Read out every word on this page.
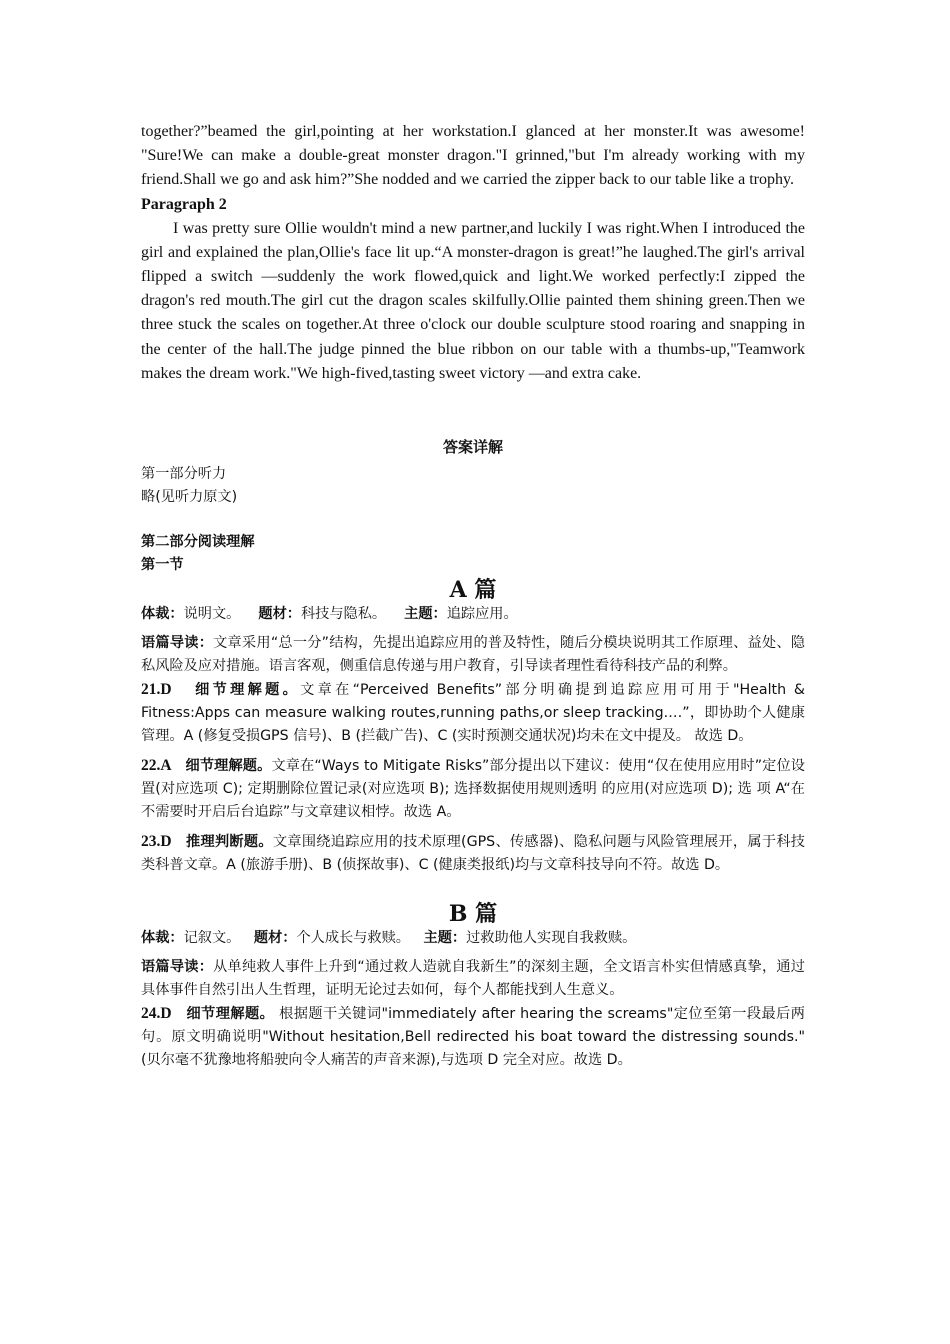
together?”beamed the girl,pointing at her workstation.I glanced at her monster.It was awesome! "Sure!We can make a double-great monster dragon."I grinned,"but I'm already working with my friend.Shall we go and ask him?”She nodded and we carried the zipper back to our table like a trophy.

Paragraph 2

I was pretty sure Ollie wouldn't mind a new partner,and luckily I was right.When I introduced the girl and explained the plan,Ollie's face lit up.“A monster-dragon is great!”he laughed.The girl's arrival flipped a switch —suddenly the work flowed,quick and light.We worked perfectly:I zipped the dragon's red mouth.The girl cut the dragon scales skilfully.Ollie painted them shining green.Then we three stuck the scales on together.At three o'clock our double sculpture stood roaring and snapping in the center of the hall.The judge pinned the blue ribbon on our table with a thumbs-up,"Teamwork makes the dream work."We high-fived,tasting sweet victory —and extra cake.

答案详解

第一部分听力

略(见听力原文)

第二部分阅读理解

第一节

A 篇

体裁：说明文。 题材：科技与隐私。 主题：追踪应用。

语篇导读：文章采用“总一分”结构，先提出追踪应用的普及特性，随后分模块说明其工作原理、益处、隐私风险及应对措施。语言客观，侧重信息传递与用户教育，引导读者理性看待科技产品的利弊。

21.D 细节理解题。文章在“Perceived Benefits”部分明确提到追踪应用可用于"Health & Fitness:Apps can measure walking routes,running paths,or sleep tracking.…”，即协助个人健康 管理。A (修复受损GPS 信号)、B (拦截广告)、C (实时预测交通状况)均未在文中提及。 故选 D。

22.A 细节理解题。文章在“Ways to Mitigate Risks”部分提出以下建议：使用“仅在使用应用时”定位设置(对应选项 C); 定期删除位置记录(对应选项 B); 选择数据使用规则透明 的应用(对应选项 D); 选 项 A“在不需要时开启后台追踪”与文章建议相悖。故选 A。

23.D 推理判断题。文章围绕追踪应用的技术原理(GPS、传感器)、隐私问题与风险管理展开，属于科技类科普文章。A (旅游手册)、B (侦探故事)、C (健康类报纸)均与文章科技导向不符。故选 D。

B 篇

体裁：记叙文。 题材：个人成长与救赎。 主题：过救助他人实现自我救赎。

语篇导读：从单纯救人事件上升到“通过救人造就自我新生”的深刻主题，全文语言朴实但情感真挚，通过具体事件自然引出人生哲理，证明无论过去如何，每个人都能找到人生意义。

24.D 细节理解题。 根据题干关键词"immediately after hearing the screams"定位至第一段最后两句。原文明确说明"Without hesitation,Bell redirected his boat toward the distressing sounds."(贝尔毫不犹豫地将船驶向令人痛苦的声音来源),与选项 D 完全对应。故选 D。
